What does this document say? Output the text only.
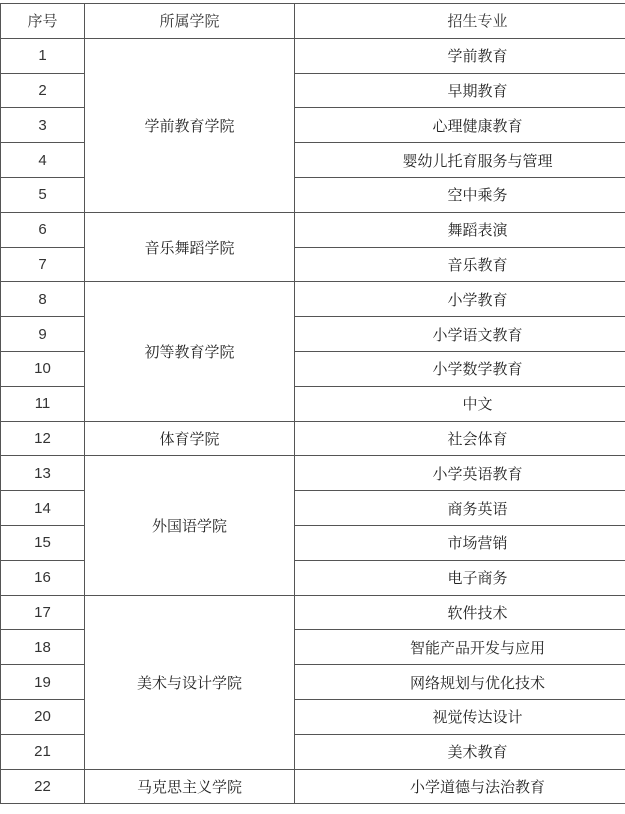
序号	所属学院	招生专业
1	学前教育学院	学前教育
2		早期教育
3		心理健康教育
4		婴幼儿托育服务与管理
5		空中乘务
6	音乐舞蹈学院	舞蹈表演
7		音乐教育
8	初等教育学院	小学教育
9		小学语文教育
10		小学数学教育
11		中文
12	体育学院	社会体育
13	外国语学院	小学英语教育
14		商务英语
15		市场营销
16		电子商务
17	美术与设计学院	软件技术
18		智能产品开发与应用
19		网络规划与优化技术
20		视觉传达设计
21		美术教育
22	马克思主义学院	小学道德与法治教育
